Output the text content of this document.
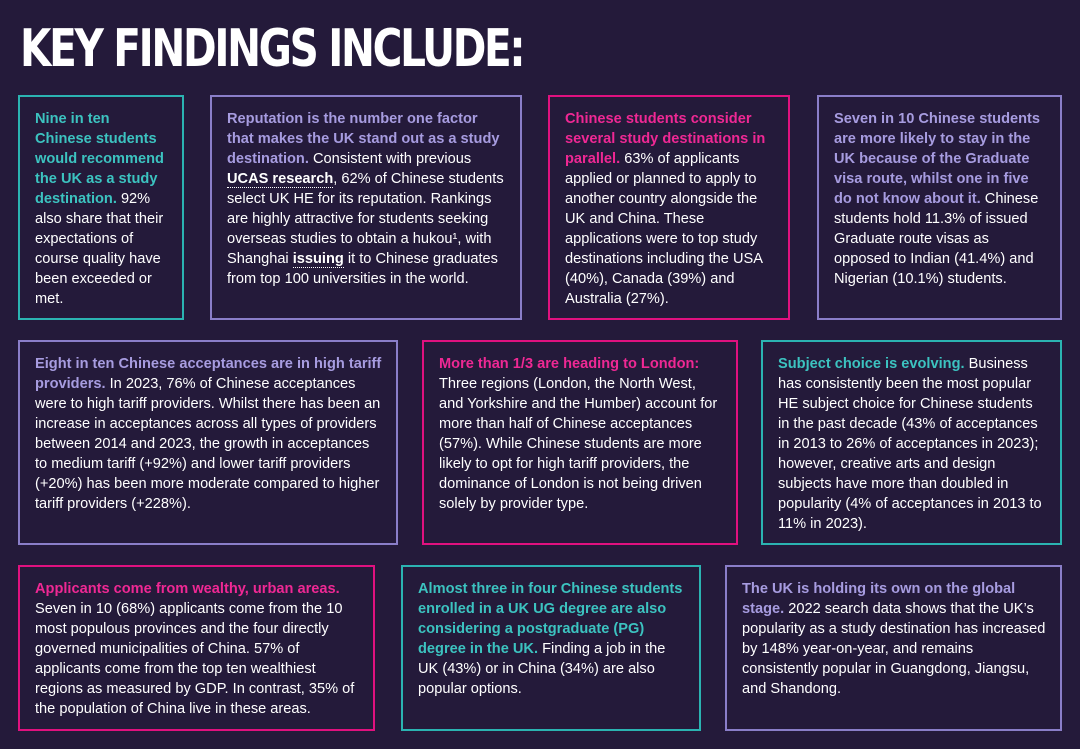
KEY FINDINGS INCLUDE:

Nine in ten Chinese students would recommend the UK as a study destination. 92% also share that their expectations of course quality have been exceeded or met.

Reputation is the number one factor that makes the UK stand out as a study destination. Consistent with previous UCAS research, 62% of Chinese students select UK HE for its reputation. Rankings are highly attractive for students seeking overseas studies to obtain a hukou¹, with Shanghai issuing it to Chinese graduates from top 100 universities in the world.

Chinese students consider several study destinations in parallel. 63% of applicants applied or planned to apply to another country alongside the UK and China. These applications were to top study destinations including the USA (40%), Canada (39%) and Australia (27%).

Seven in 10 Chinese students are more likely to stay in the UK because of the Graduate visa route, whilst one in five do not know about it. Chinese students hold 11.3% of issued Graduate route visas as opposed to Indian (41.4%) and Nigerian (10.1%) students.

Eight in ten Chinese acceptances are in high tariff providers. In 2023, 76% of Chinese acceptances were to high tariff providers. Whilst there has been an increase in acceptances across all types of providers between 2014 and 2023, the growth in acceptances to medium tariff (+92%) and lower tariff providers (+20%) has been more moderate compared to higher tariff providers (+228%).

More than 1/3 are heading to London: Three regions (London, the North West, and Yorkshire and the Humber) account for more than half of Chinese acceptances (57%). While Chinese students are more likely to opt for high tariff providers, the dominance of London is not being driven solely by provider type.

Subject choice is evolving. Business has consistently been the most popular HE subject choice for Chinese students in the past decade (43% of acceptances in 2013 to 26% of acceptances in 2023); however, creative arts and design subjects have more than doubled in popularity (4% of acceptances in 2013 to 11% in 2023).

Applicants come from wealthy, urban areas. Seven in 10 (68%) applicants come from the 10 most populous provinces and the four directly governed municipalities of China. 57% of applicants come from the top ten wealthiest regions as measured by GDP. In contrast, 35% of the population of China live in these areas.

Almost three in four Chinese students enrolled in a UK UG degree are also considering a postgraduate (PG) degree in the UK. Finding a job in the UK (43%) or in China (34%) are also popular options.

The UK is holding its own on the global stage. 2022 search data shows that the UK’s popularity as a study destination has increased by 148% year-on-year, and remains consistently popular in Guangdong, Jiangsu, and Shandong.
